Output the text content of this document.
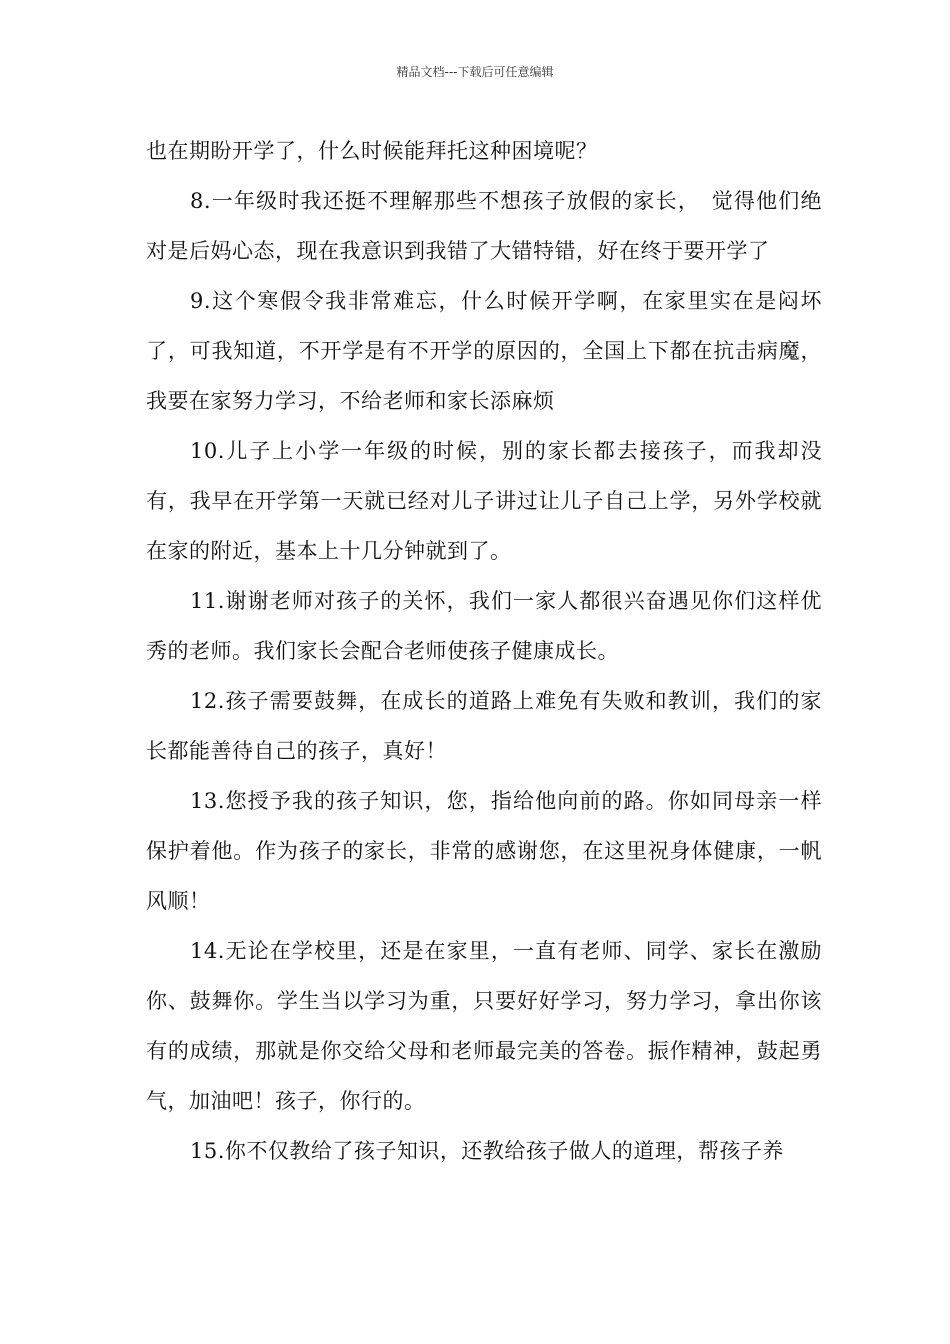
精品文档---下载后可任意编辑

也在期盼开学了，什么时候能拜托这种困境呢？

8.一年级时我还挺不理解那些不想孩子放假的家长，　觉得他们绝对是后妈心态，现在我意识到我错了大错特错，好在终于要开学了

9.这个寒假令我非常难忘，什么时候开学啊，在家里实在是闷坏了，可我知道，不开学是有不开学的原因的，全国上下都在抗击病魔，我要在家努力学习，不给老师和家长添麻烦

10.儿子上小学一年级的时候，别的家长都去接孩子，而我却没有，我早在开学第一天就已经对儿子讲过让儿子自己上学，另外学校就在家的附近，基本上十几分钟就到了。

11.谢谢老师对孩子的关怀，我们一家人都很兴奋遇见你们这样优秀的老师。我们家长会配合老师使孩子健康成长。

12.孩子需要鼓舞，在成长的道路上难免有失败和教训，我们的家长都能善待自己的孩子，真好！

13.您授予我的孩子知识，您，指给他向前的路。你如同母亲一样保护着他。作为孩子的家长，非常的感谢您，在这里祝身体健康，一帆风顺！

14.无论在学校里，还是在家里，一直有老师、同学、家长在激励你、鼓舞你。学生当以学习为重，只要好好学习，努力学习，拿出你该有的成绩，那就是你交给父母和老师最完美的答卷。振作精神，鼓起勇气，加油吧！孩子，你行的。

15.你不仅教给了孩子知识，还教给孩子做人的道理，帮孩子养
